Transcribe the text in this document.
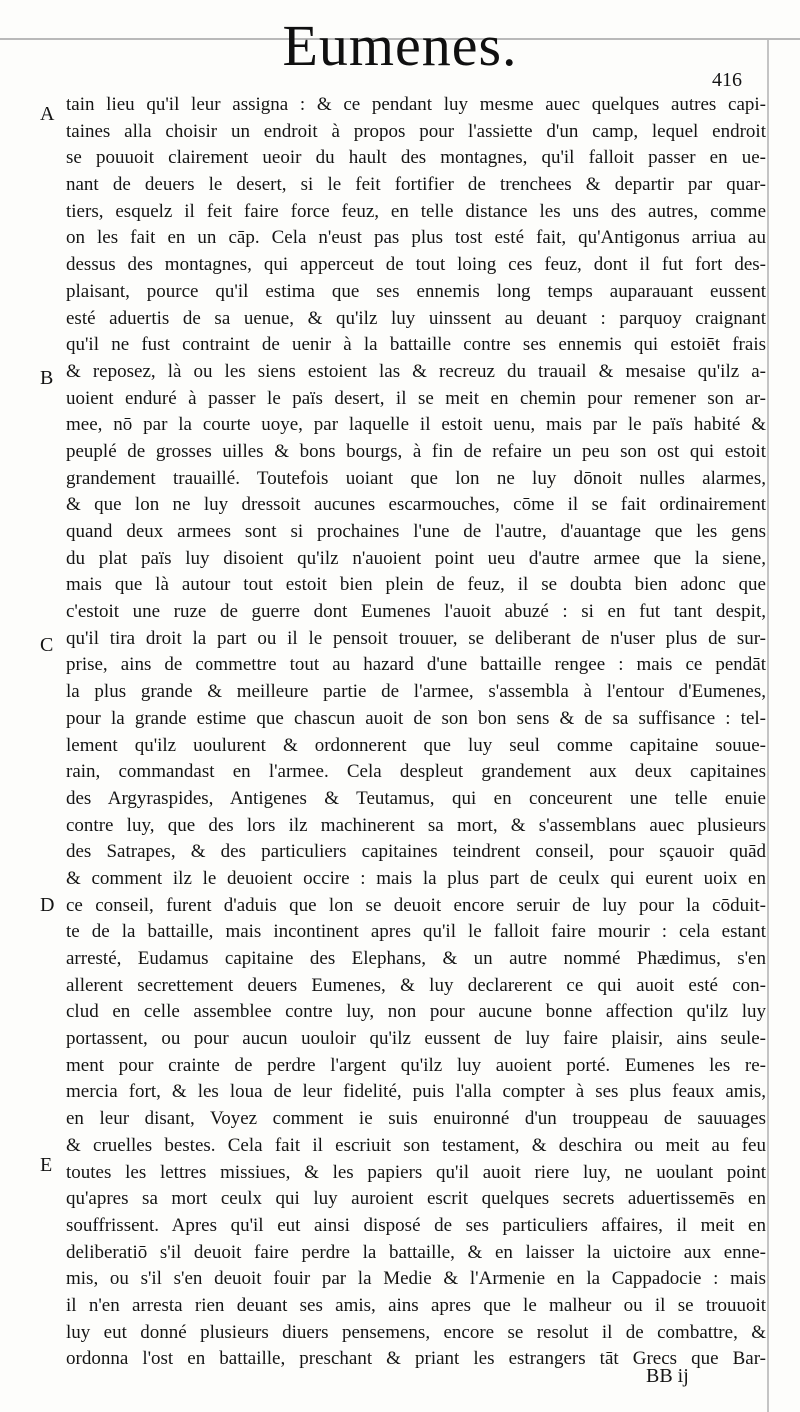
Eumenes.
416
A
B
C
D
E
tain lieu qu'il leur assigna : & ce pendant luy mesme auec quelques autres capi-
taines alla choisir un endroit à propos pour l'assiette d'un camp, lequel endroit
se pouuoit clairement ueoir du hault des montagnes, qu'il falloit passer en ue-
nant de deuers le desert, si le feit fortifier de trenchees & departir par quar-
tiers, esquelz il feit faire force feuz, en telle distance les uns des autres, comme
on les fait en un cāp. Cela n'eust pas plus tost esté fait, qu'Antigonus arriua au
dessus des montagnes, qui apperceut de tout loing ces feuz, dont il fut fort des-
plaisant, pource qu'il estima que ses ennemis long temps auparauant eussent
esté aduertis de sa uenue, & qu'ilz luy uinssent au deuant : parquoy craignant
qu'il ne fust contraint de uenir à la battaille contre ses ennemis qui estoiēt frais
& reposez, là ou les siens estoient las & recreuz du trauail & mesaise qu'ilz a-
uoient enduré à passer le païs desert, il se meit en chemin pour remener son ar-
mee, nō par la courte uoye, par laquelle il estoit uenu, mais par le païs habité &
peuplé de grosses uilles & bons bourgs, à fin de refaire un peu son ost qui estoit
grandement trauaillé. Toutefois uoiant que lon ne luy dōnoit nulles alarmes,
& que lon ne luy dressoit aucunes escarmouches, cōme il se fait ordinairement
quand deux armees sont si prochaines l'une de l'autre, d'auantage que les gens
du plat païs luy disoient qu'ilz n'auoient point ueu d'autre armee que la siene,
mais que là autour tout estoit bien plein de feuz, il se doubta bien adonc que
c'estoit une ruze de guerre dont Eumenes l'auoit abuzé : si en fut tant despit,
qu'il tira droit la part ou il le pensoit trouuer, se deliberant de n'user plus de sur-
prise, ains de commettre tout au hazard d'une battaille rengee : mais ce pendāt
la plus grande & meilleure partie de l'armee, s'assembla à l'entour d'Eumenes,
pour la grande estime que chascun auoit de son bon sens & de sa suffisance : tel-
lement qu'ilz uoulurent & ordonnerent que luy seul comme capitaine souue-
rain, commandast en l'armee. Cela despleut grandement aux deux capitaines
des Argyraspides, Antigenes & Teutamus, qui en conceurent une telle enuie
contre luy, que des lors ilz machinerent sa mort, & s'assemblans auec plusieurs
des Satrapes, & des particuliers capitaines teindrent conseil, pour sçauoir quād
& comment ilz le deuoient occire : mais la plus part de ceulx qui eurent uoix en
ce conseil, furent d'aduis que lon se deuoit encore seruir de luy pour la cōduit-
te de la battaille, mais incontinent apres qu'il le falloit faire mourir : cela estant
arresté, Eudamus capitaine des Elephans, & un autre nommé Phædimus, s'en
allerent secrettement deuers Eumenes, & luy declarerent ce qui auoit esté con-
clud en celle assemblee contre luy, non pour aucune bonne affection qu'ilz luy
portassent, ou pour aucun uouloir qu'ilz eussent de luy faire plaisir, ains seule-
ment pour crainte de perdre l'argent qu'ilz luy auoient porté. Eumenes les re-
mercia fort, & les loua de leur fidelité, puis l'alla compter à ses plus feaux amis,
en leur disant, Voyez comment ie suis enuironné d'un trouppeau de sauuages
& cruelles bestes. Cela fait il escriuit son testament, & deschira ou meit au feu
toutes les lettres missiues, & les papiers qu'il auoit riere luy, ne uoulant point
qu'apres sa mort ceulx qui luy auroient escrit quelques secrets aduertissemēs en
souffrissent. Apres qu'il eut ainsi disposé de ses particuliers affaires, il meit en
deliberatiō s'il deuoit faire perdre la battaille, & en laisser la uictoire aux enne-
mis, ou s'il s'en deuoit fouir par la Medie & l'Armenie en la Cappadocie : mais
il n'en arresta rien deuant ses amis, ains apres que le malheur ou il se trouuoit
luy eut donné plusieurs diuers pensemens, encore se resolut il de combattre, &
ordonna l'ost en battaille, preschant & priant les estrangers tāt Grecs que Bar-
BB ij
